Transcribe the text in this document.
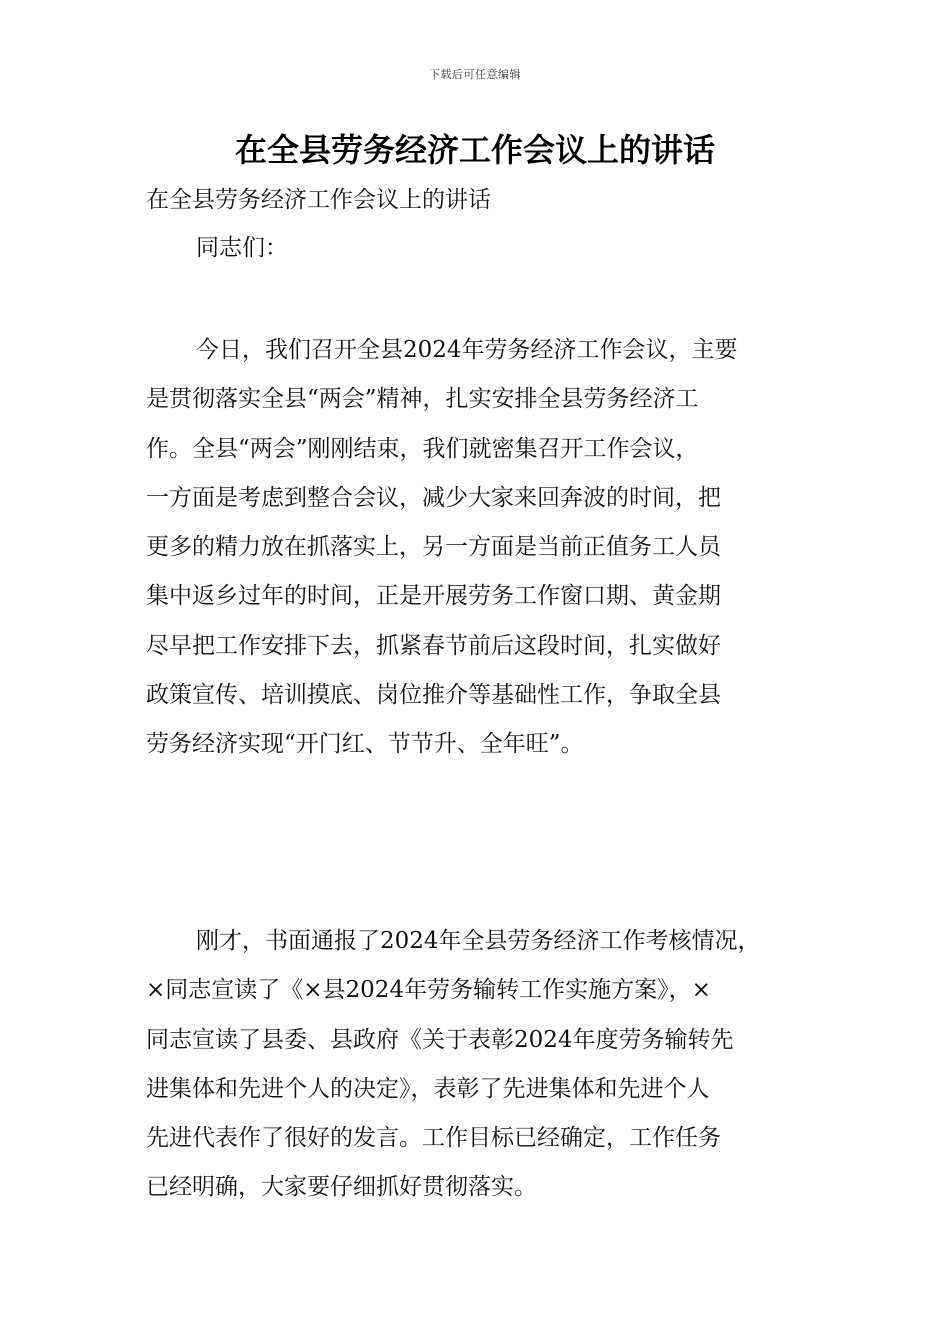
下载后可任意编辑
在全县劳务经济工作会议上的讲话
在全县劳务经济工作会议上的讲话
同志们：
今日，我们召开全县2024年劳务经济工作会议，主要
是贯彻落实全县“两会”精神，扎实安排全县劳务经济工
作。全县“两会”刚刚结束，我们就密集召开工作会议，
一方面是考虑到整合会议，减少大家来回奔波的时间，把
更多的精力放在抓落实上，另一方面是当前正值务工人员
集中返乡过年的时间，正是开展劳务工作窗口期、黄金期
尽早把工作安排下去，抓紧春节前后这段时间，扎实做好
政策宣传、培训摸底、岗位推介等基础性工作，争取全县
劳务经济实现“开门红、节节升、全年旺”。
刚才，书面通报了2024年全县劳务经济工作考核情况，
×同志宣读了《×县2024年劳务输转工作实施方案》，×
同志宣读了县委、县政府《关于表彰2024年度劳务输转先
进集体和先进个人的决定》，表彰了先进集体和先进个人
先进代表作了很好的发言。工作目标已经确定，工作任务
已经明确，大家要仔细抓好贯彻落实。
